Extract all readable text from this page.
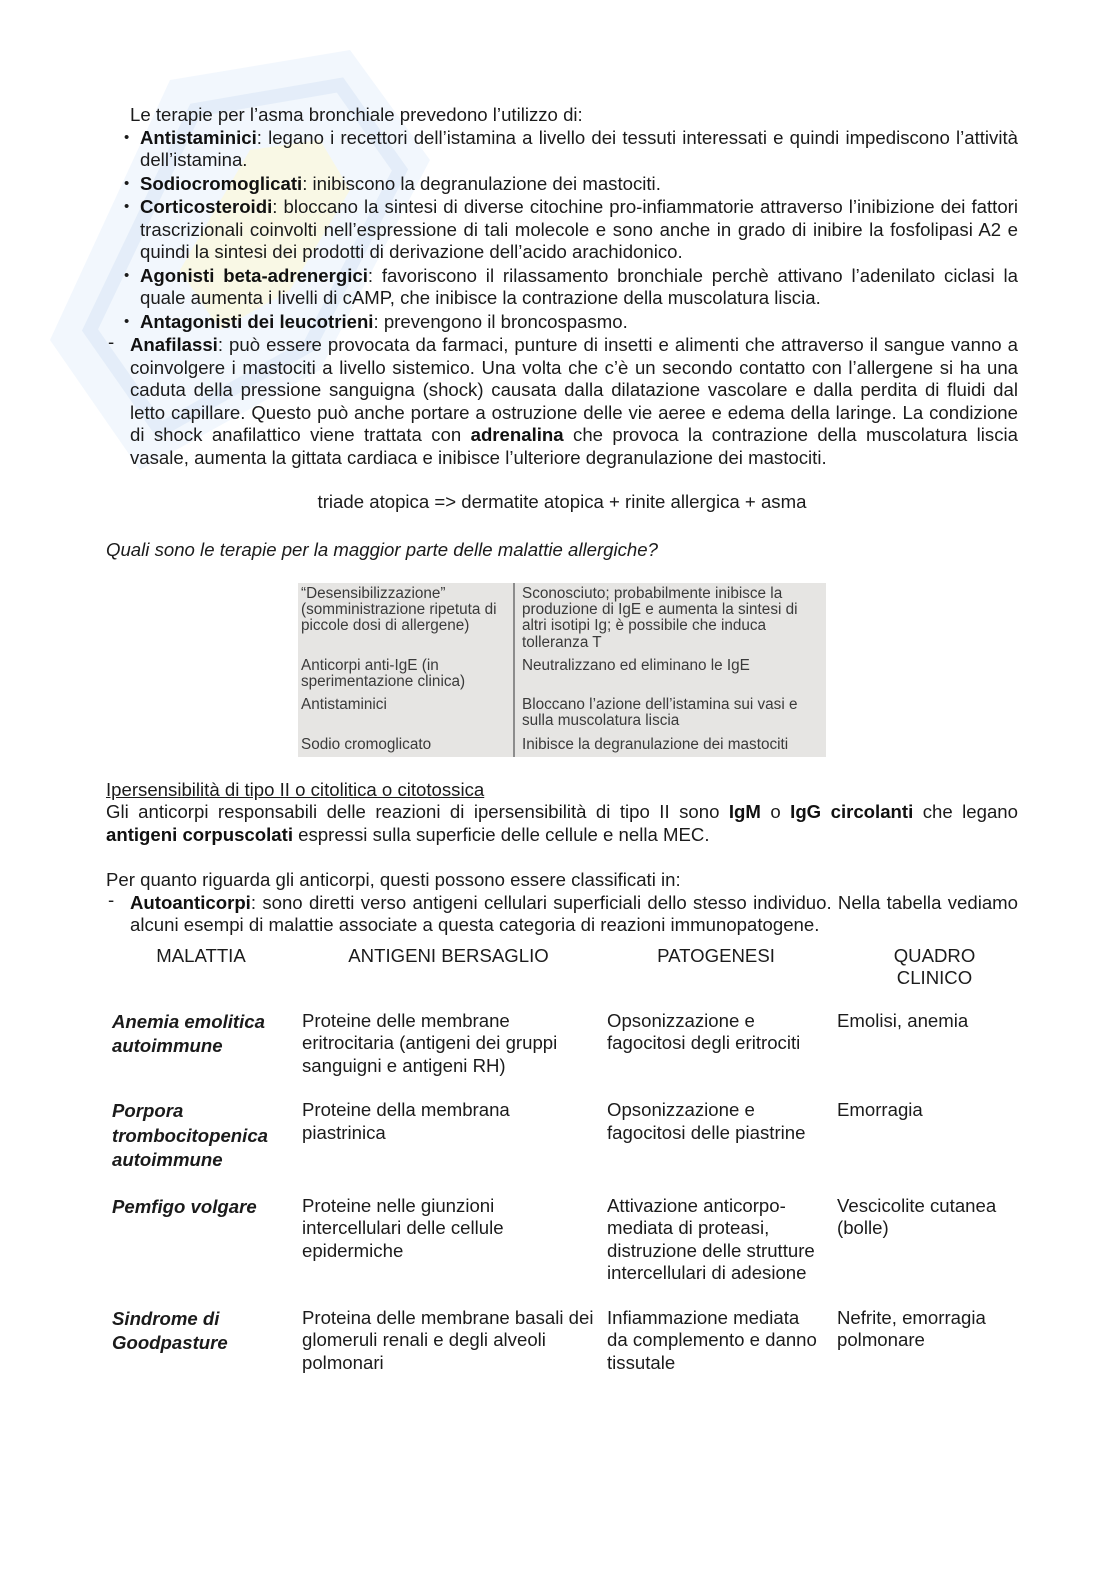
Le terapie per l’asma bronchiale prevedono l’utilizzo di:

• Antistaminici: legano i recettori dell’istamina a livello dei tessuti interessati e quindi impediscono l’attività dell’istamina.
• Sodiocromoglicati: inibiscono la degranulazione dei mastociti.
• Corticosteroidi: bloccano la sintesi di diverse citochine pro-infiammatorie attraverso l’inibizione dei fattori trascrizionali coinvolti nell’espressione di tali molecole e sono anche in grado di inibire la fosfolipasi A2 e quindi la sintesi dei prodotti di derivazione dell’acido arachidonico.
• Agonisti beta-adrenergici: favoriscono il rilassamento bronchiale perchè attivano l’adenilato ciclasi la quale aumenta i livelli di cAMP, che inibisce la contrazione della muscolatura liscia.
• Antagonisti dei leucotrieni: prevengono il broncospasmo.

- Anafilassi: può essere provocata da farmaci, punture di insetti e alimenti che attraverso il sangue vanno a coinvolgere i mastociti a livello sistemico. Una volta che c’è un secondo contatto con l’allergene si ha una caduta della pressione sanguigna (shock) causata dalla dilatazione vascolare e dalla perdita di fluidi dal letto capillare. Questo può anche portare a ostruzione delle vie aeree e edema della laringe. La condizione di shock anafilattico viene trattata con adrenalina che provoca la contrazione della muscolatura liscia vasale, aumenta la gittata cardiaca e inibisce l’ulteriore degranulazione dei mastociti.

triade atopica => dermatite atopica + rinite allergica + asma

Quali sono le terapie per la maggior parte delle malattie allergiche?

“Desensibilizzazione” (somministrazione ripetuta di piccole dosi di allergene)	Sconosciuto; probabilmente inibisce la produzione di IgE e aumenta la sintesi di altri isotipi Ig; è possibile che induca tolleranza T
Anticorpi anti-IgE (in sperimentazione clinica)	Neutralizzano ed eliminano le IgE
Antistaminici	Bloccano l’azione dell’istamina sui vasi e sulla muscolatura liscia
Sodio cromoglicato	Inibisce la degranulazione dei mastociti

Ipersensibilità di tipo II o citolitica o citotossica

Gli anticorpi responsabili delle reazioni di ipersensibilità di tipo II sono IgM o IgG circolanti che legano antigeni corpuscolati espressi sulla superficie delle cellule e nella MEC.

Per quanto riguarda gli anticorpi, questi possono essere classificati in:

- Autoanticorpi: sono diretti verso antigeni cellulari superficiali dello stesso individuo. Nella tabella vediamo alcuni esempi di malattie associate a questa categoria di reazioni immunopatogene.

MALATTIA	ANTIGENI BERSAGLIO	PATOGENESI	QUADRO CLINICO
Anemia emolitica autoimmune	Proteine delle membrane eritrocitaria (antigeni dei gruppi sanguigni e antigeni RH)	Opsonizzazione e fagocitosi degli eritrociti	Emolisi, anemia
Porpora trombocitopenica autoimmune	Proteine della membrana piastrinica	Opsonizzazione e fagocitosi delle piastrine	Emorragia
Pemfigo volgare	Proteine nelle giunzioni intercellulari delle cellule epidermiche	Attivazione anticorpo-mediata di proteasi, distruzione delle strutture intercellulari di adesione	Vescicolite cutanea (bolle)
Sindrome di Goodpasture	Proteina delle membrane basali dei glomeruli renali e degli alveoli polmonari	Infiammazione mediata da complemento e danno tissutale	Nefrite, emorragia polmonare
